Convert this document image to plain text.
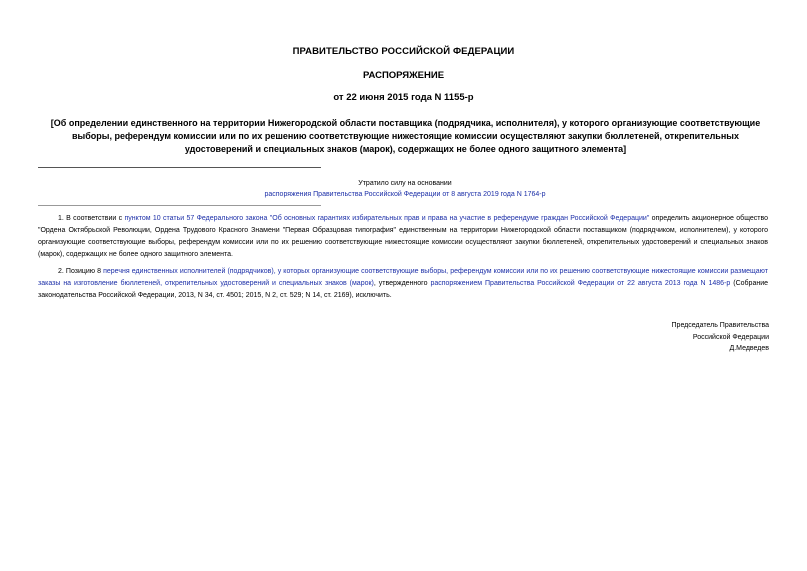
ПРАВИТЕЛЬСТВО РОССИЙСКОЙ ФЕДЕРАЦИИ
РАСПОРЯЖЕНИЕ
от 22 июня 2015 года N 1155-р
[Об определении единственного на территории Нижегородской области поставщика (подрядчика, исполнителя), у которого организующие соответствующие выборы, референдум комиссии или по их решению соответствующие нижестоящие комиссии осуществляют закупки бюллетеней, открепительных удостоверений и специальных знаков (марок), содержащих не более одного защитного элемента]
Утратило силу на основании
распоряжения Правительства Российской Федерации от 8 августа 2019 года N 1764-р
1. В соответствии с пунктом 10 статьи 57 Федерального закона "Об основных гарантиях избирательных прав и права на участие в референдуме граждан Российской Федерации" определить акционерное общество "Ордена Октябрьской Революции, Ордена Трудового Красного Знамени "Первая Образцовая типография" единственным на территории Нижегородской области поставщиком (подрядчиком, исполнителем), у которого организующие соответствующие выборы, референдум комиссии или по их решению соответствующие нижестоящие комиссии осуществляют закупки бюллетеней, открепительных удостоверений и специальных знаков (марок), содержащих не более одного защитного элемента.
2. Позицию 8 перечня единственных исполнителей (подрядчиков), у которых организующие соответствующие выборы, референдум комиссии или по их решению соответствующие нижестоящие комиссии размещают заказы на изготовление бюллетеней, открепительных удостоверений и специальных знаков (марок), утвержденного распоряжением Правительства Российской Федерации от 22 августа 2013 года N 1486-р (Собрание законодательства Российской Федерации, 2013, N 34, ст. 4501; 2015, N 2, ст. 529; N 14, ст. 2169), исключить.
Председатель Правительства
Российской Федерации
Д.Медведев
